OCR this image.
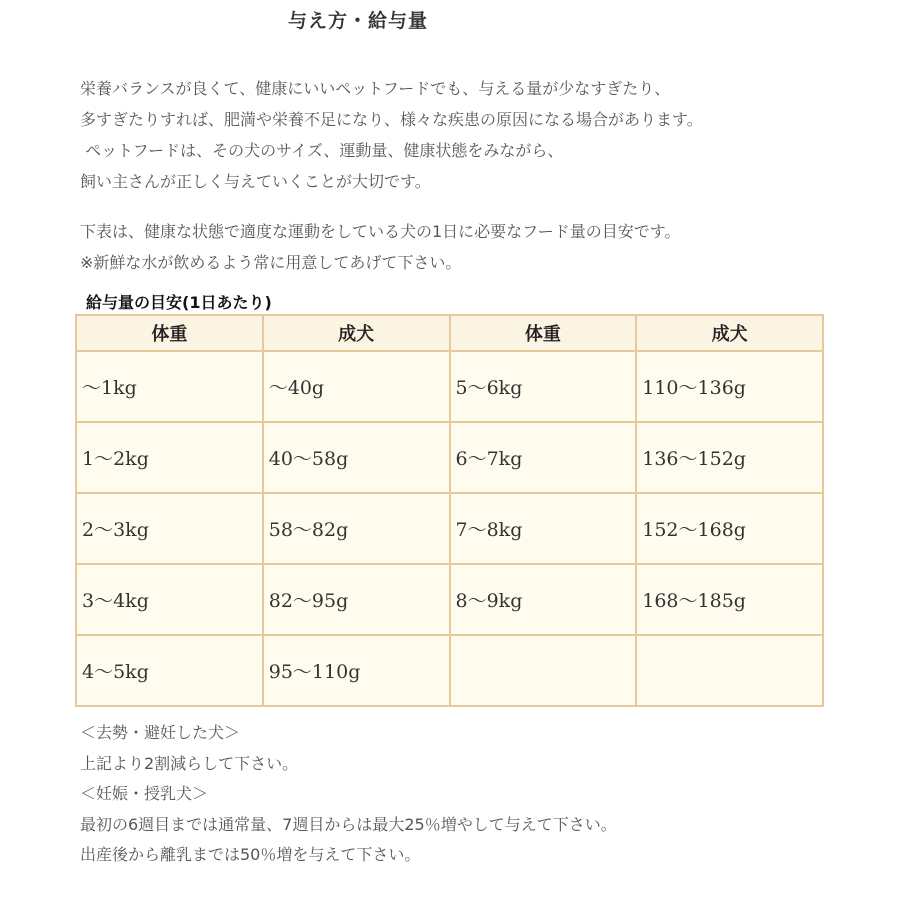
与え方・給与量

栄養バランスが良くて、健康にいいペットフードでも、与える量が少なすぎたり、

多すぎたりすれば、肥満や栄養不足になり、様々な疾患の原因になる場合があります。

ペットフードは、その犬のサイズ、運動量、健康状態をみながら、

飼い主さんが正しく与えていくことが大切です。

下表は、健康な状態で適度な運動をしている犬の1日に必要なフード量の目安です。

※新鮮な水が飲めるよう常に用意してあげて下さい。

給与量の目安(1日あたり)
体重	成犬	体重	成犬
～1kg	～40g	5～6kg	110～136g
1～2kg	40～58g	6～7kg	136～152g
2～3kg	58～82g	7～8kg	152～168g
3～4kg	82～95g	8～9kg	168～185g
4～5kg	95～110g		

＜去勢・避妊した犬＞

上記より2割減らして下さい。

＜妊娠・授乳犬＞

最初の6週目までは通常量、7週目からは最大25％増やして与えて下さい。

出産後から離乳までは50％増を与えて下さい。
